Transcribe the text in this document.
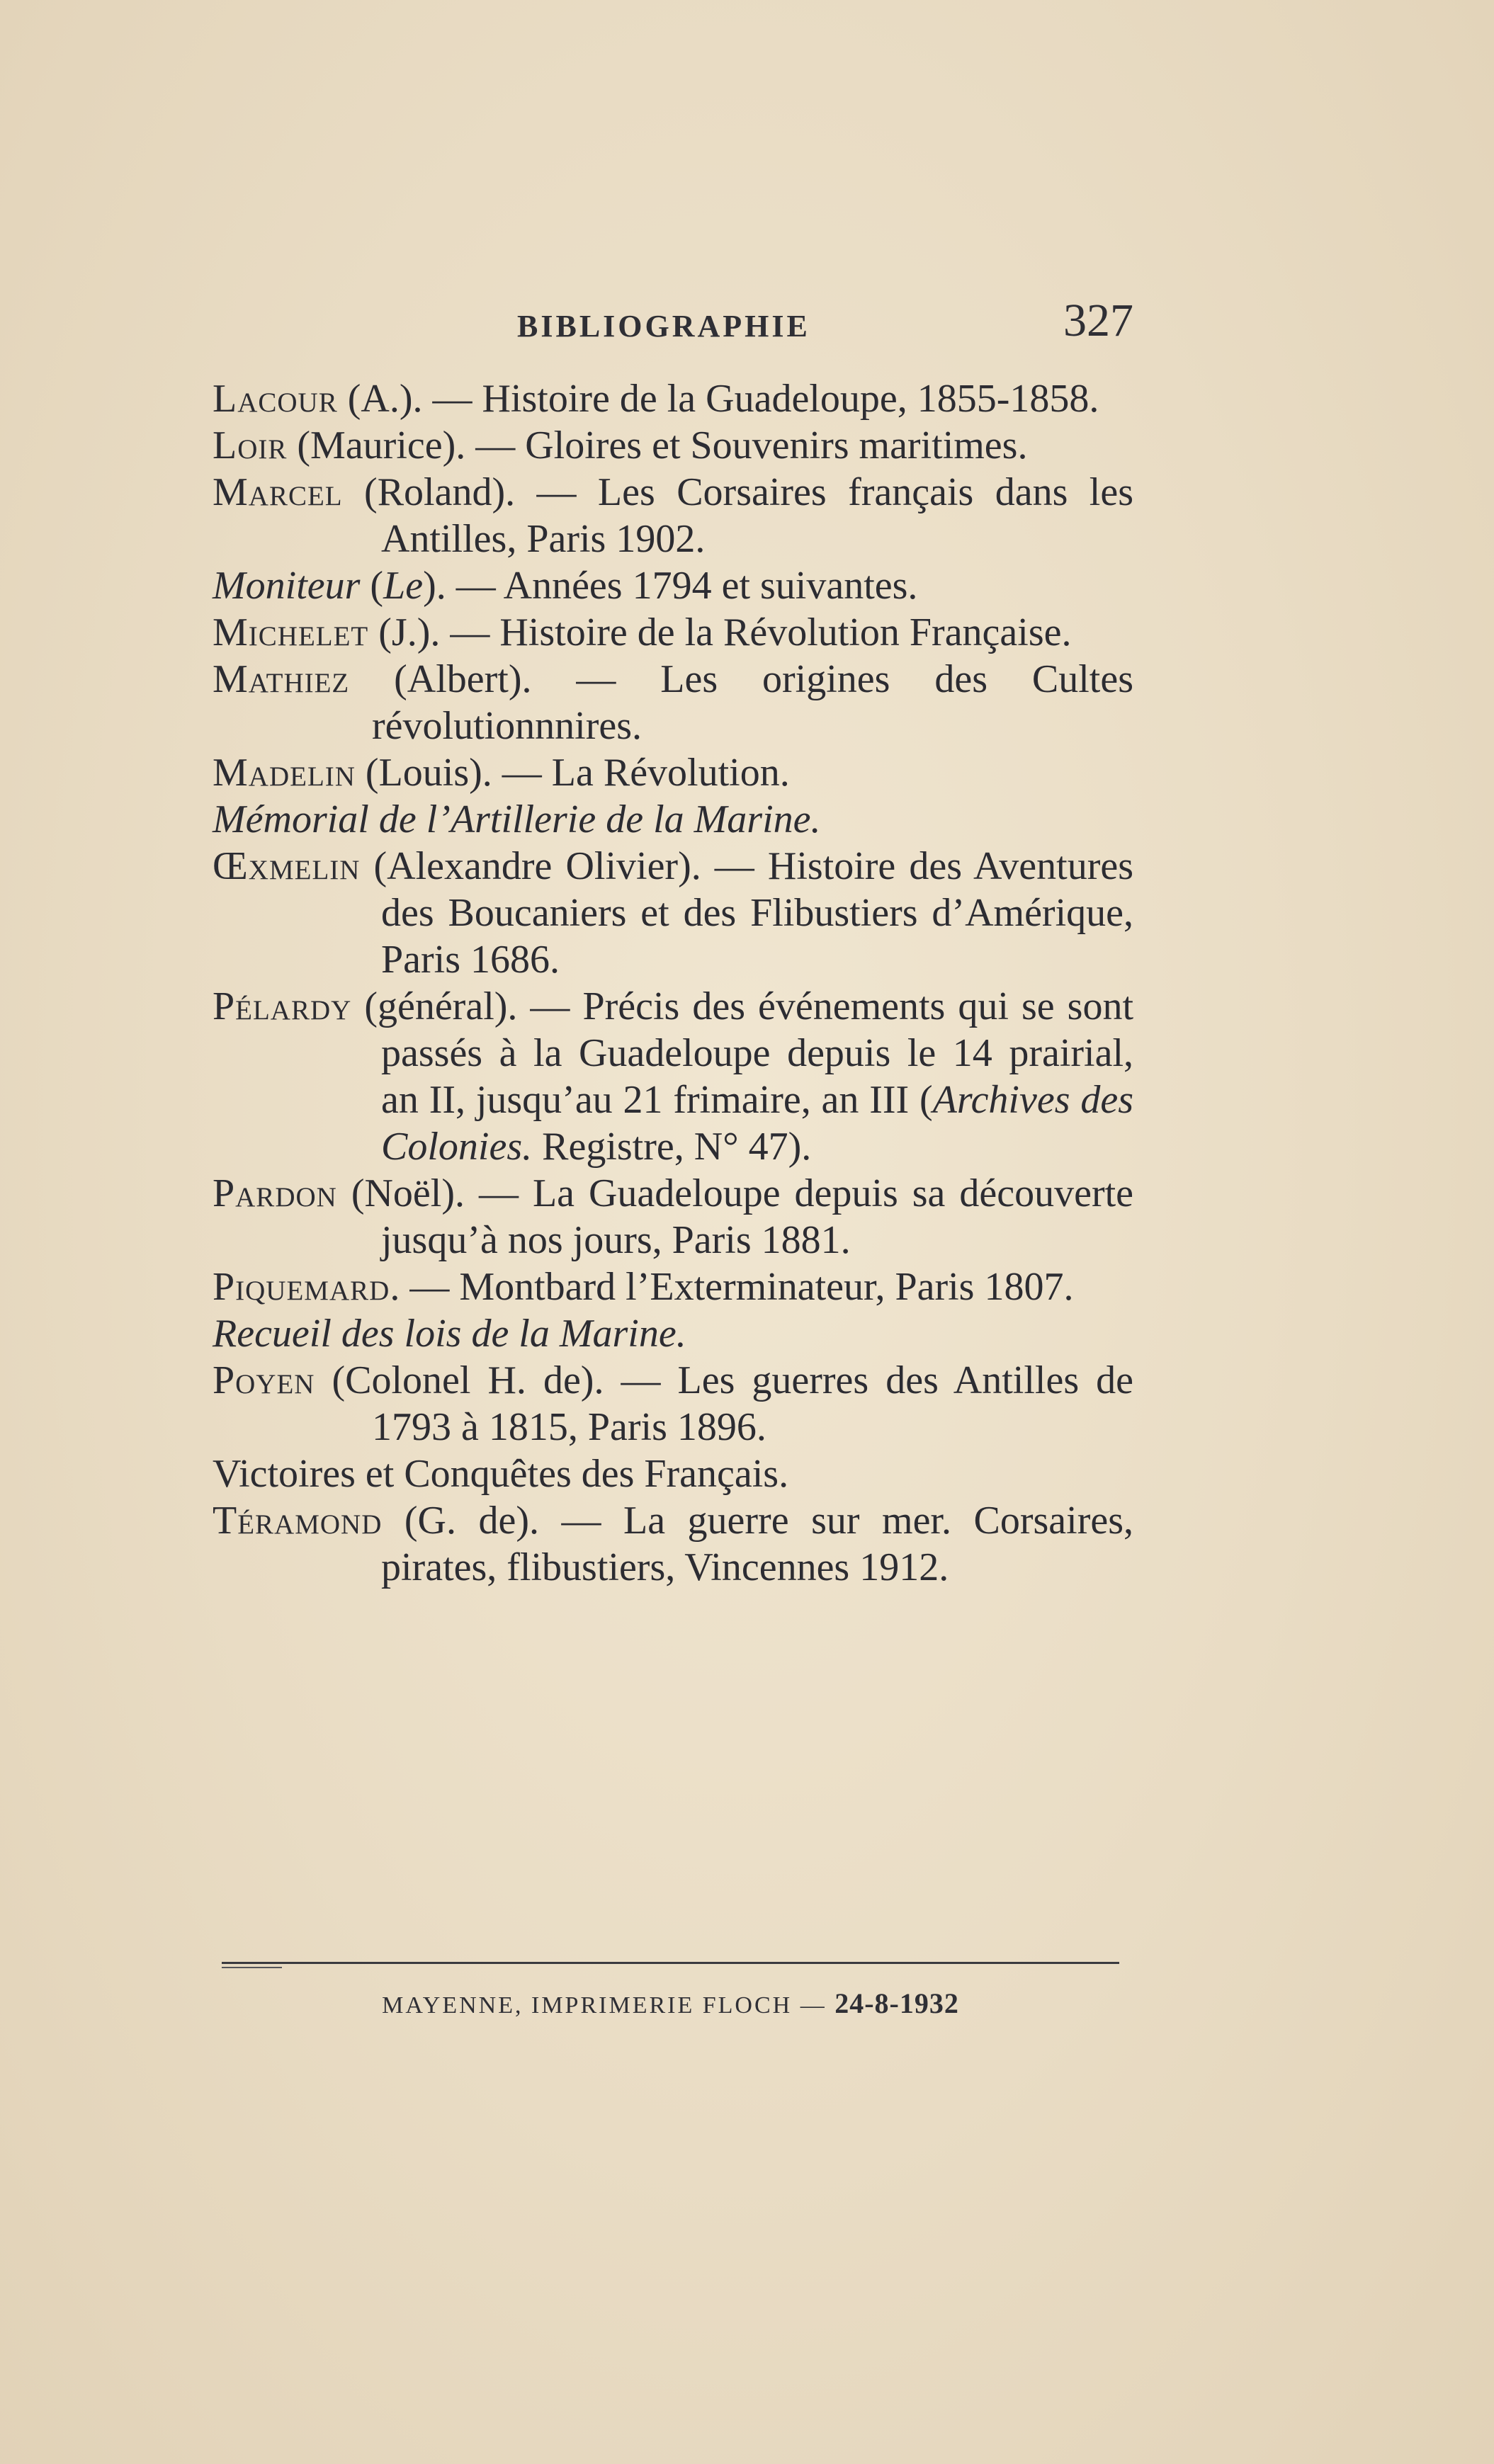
BIBLIOGRAPHIE	327

Lacour (A.). — Histoire de la Guadeloupe, 1855-1858.

Loir (Maurice). — Gloires et Souvenirs maritimes.

Marcel (Roland). — Les Corsaires français dans les Antilles, Paris 1902.

Moniteur (Le). — Années 1794 et suivantes.

Michelet (J.). — Histoire de la Révolution Française.

Mathiez (Albert). — Les origines des Cultes révolutionnnires.

Madelin (Louis). — La Révolution.

Mémorial de l’Artillerie de la Marine.

Œxmelin (Alexandre Olivier). — Histoire des Aventures des Boucaniers et des Flibustiers d’Amérique, Paris 1686.

Pélardy (général). — Précis des événements qui se sont passés à la Guadeloupe depuis le 14 prairial, an II, jusqu’au 21 frimaire, an III (Archives des Colonies. Registre, N° 47).

Pardon (Noël). — La Guadeloupe depuis sa découverte jusqu’à nos jours, Paris 1881.

Piquemard. — Montbard l’Exterminateur, Paris 1807.

Recueil des lois de la Marine.

Poyen (Colonel H. de). — Les guerres des Antilles de 1793 à 1815, Paris 1896.

Victoires et Conquêtes des Français.

Téramond (G. de). — La guerre sur mer. Corsaires, pirates, flibustiers, Vincennes 1912.

MAYENNE, IMPRIMERIE FLOCH — 24-8-1932
